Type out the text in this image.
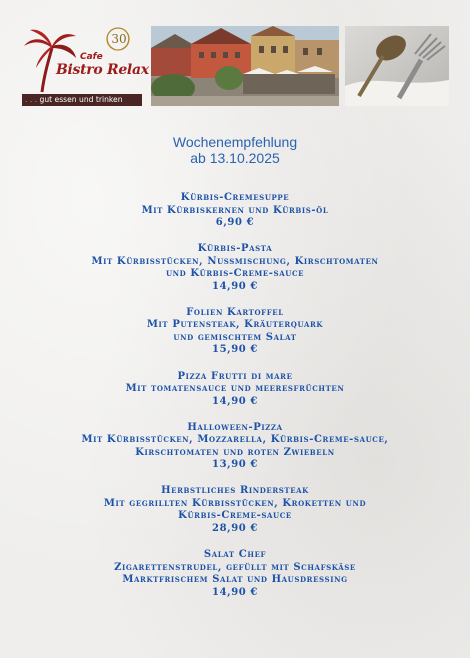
30
Cafe
Bistro Relax
. . . gut essen und trinken
Wochenempfehlung
ab 13.10.2025
Kürbis-Cremesuppe
Mit Kürbiskernen und Kürbis-öl
6,90 €
Kürbis-Pasta
Mit Kürbisstücken, Nussmischung, Kirschtomaten
und Kürbis-Creme-sauce
14,90 €
Folien Kartoffel
Mit Putensteak, Kräuterquark
und gemischtem Salat
15,90 €
Pizza Frutti di mare
Mit tomatensauce und meeresfrüchten
14,90 €
Halloween-Pizza
Mit Kürbisstücken, Mozzarella, Kürbis-Creme-sauce,
Kirschtomaten und roten Zwiebeln
13,90 €
Herbstliches Rindersteak
Mit gegrillten Kürbisstücken, Kroketten und
Kürbis-Creme-sauce
28,90 €
Salat Chef
Zigarettenstrudel, gefüllt mit Schafskäse
Marktfrischem Salat und Hausdressing
14,90 €
